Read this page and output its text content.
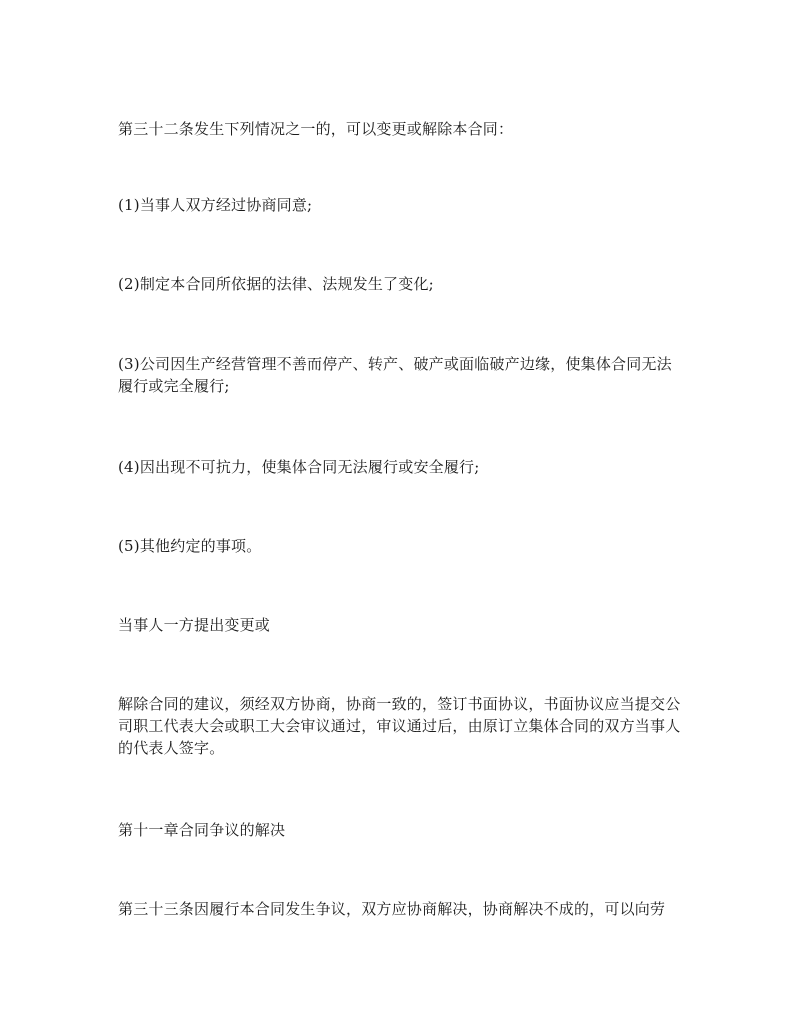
第三十二条发生下列情况之一的，可以变更或解除本合同：

(1)当事人双方经过协商同意;

(2)制定本合同所依据的法律、法规发生了变化;

(3)公司因生产经营管理不善而停产、转产、破产或面临破产边缘，使集体合同无法履行或完全履行;

(4)因出现不可抗力，使集体合同无法履行或安全履行;

(5)其他约定的事项。

当事人一方提出变更或

解除合同的建议，须经双方协商，协商一致的，签订书面协议，书面协议应当提交公司职工代表大会或职工大会审议通过，审议通过后，由原订立集体合同的双方当事人的代表人签字。

第十一章合同争议的解决

第三十三条因履行本合同发生争议，双方应协商解决，协商解决不成的，可以向劳
